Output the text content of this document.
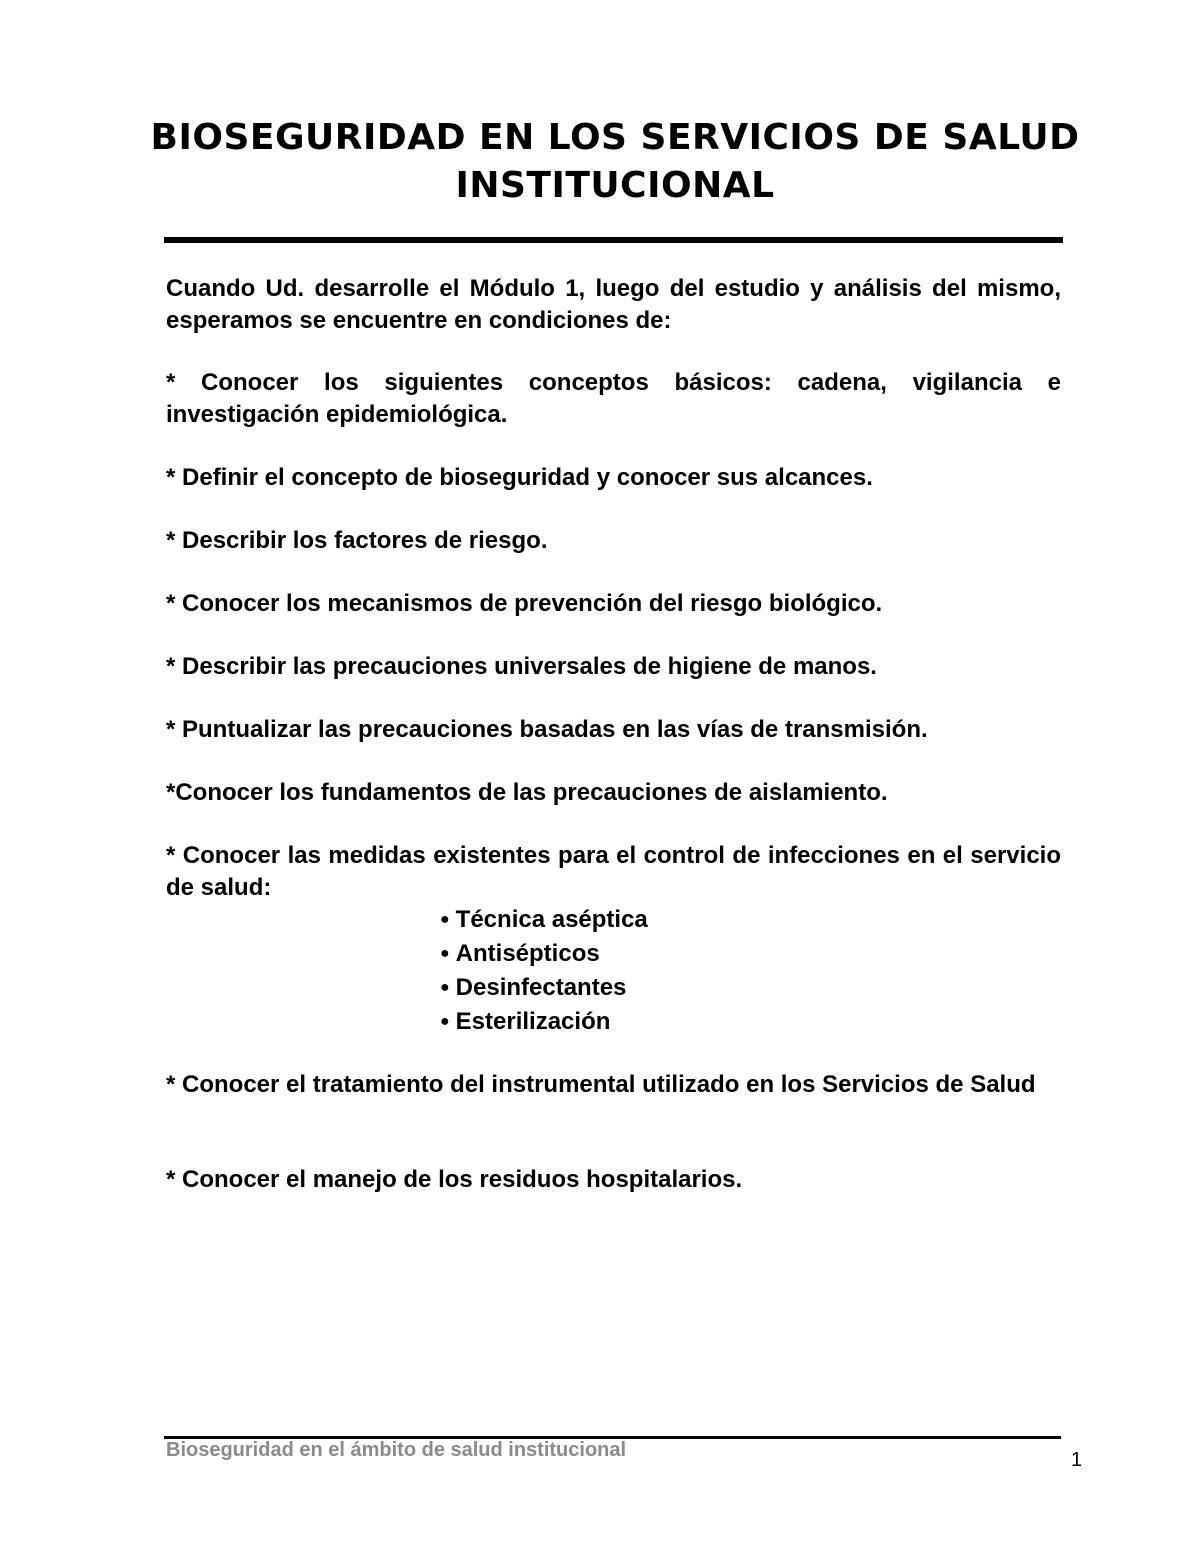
BIOSEGURIDAD EN LOS SERVICIOS DE SALUD
INSTITUCIONAL

Cuando Ud. desarrolle el Módulo 1, luego del estudio y análisis del mismo, esperamos se encuentre en condiciones de:

* Conocer los siguientes conceptos básicos: cadena, vigilancia e investigación epidemiológica.

* Definir el concepto de bioseguridad y conocer sus alcances.

* Describir los factores de riesgo.

* Conocer los mecanismos de prevención del riesgo biológico.

* Describir las precauciones universales de higiene de manos.

* Puntualizar las precauciones basadas en las vías de transmisión.

*Conocer los fundamentos de las precauciones de aislamiento.

* Conocer las medidas existentes para el control de infecciones en el servicio de salud:

● Técnica aséptica
● Antisépticos
● Desinfectantes
● Esterilización

* Conocer el tratamiento del instrumental utilizado en los Servicios de Salud

* Conocer el manejo de los residuos hospitalarios.

Bioseguridad en el ámbito de salud institucional	1
